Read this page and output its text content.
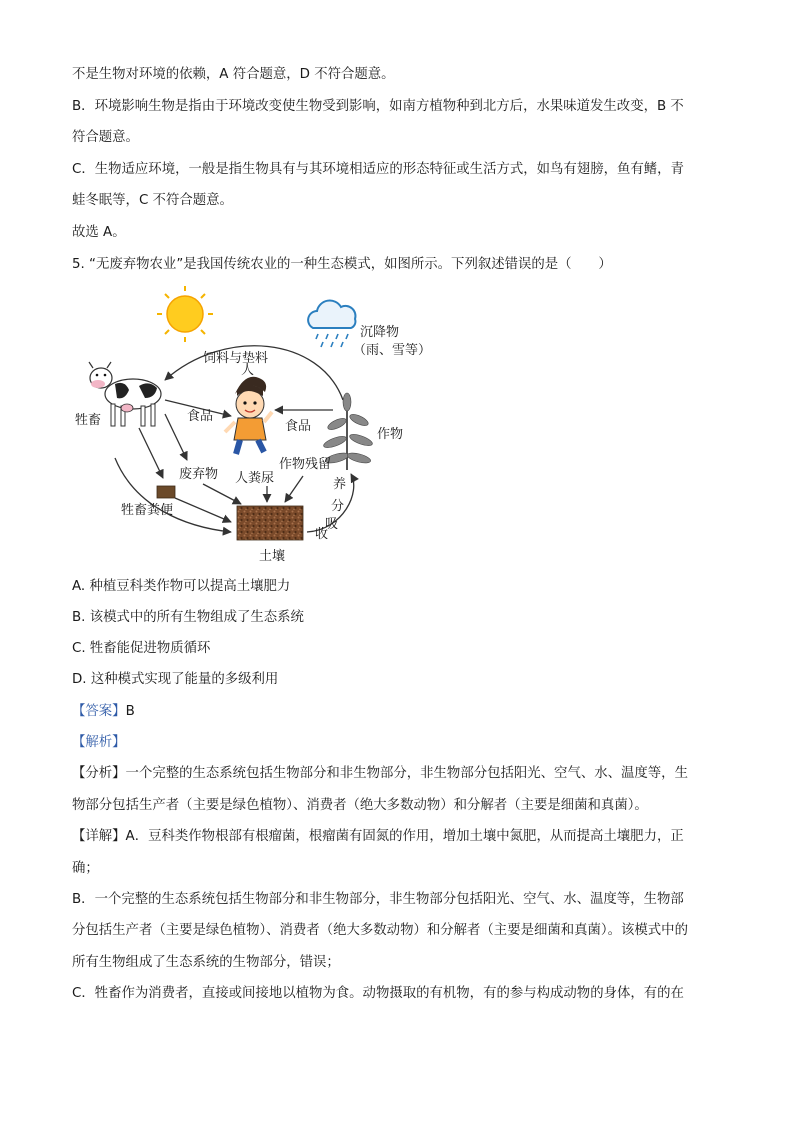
不是生物对环境的依赖，A 符合题意，D 不符合题意。
B．环境影响生物是指由于环境改变使生物受到影响，如南方植物种到北方后，水果味道发生改变，B 不
符合题意。
C．生物适应环境，一般是指生物具有与其环境相适应的形态特征或生活方式，如鸟有翅膀，鱼有鳍，青
蛙冬眠等，C 不符合题意。
故选 A。
5. “无废弃物农业”是我国传统农业的一种生态模式，如图所示。下列叙述错误的是（　　）
沉降物
（雨、雪等）
饲料与垫料
牲畜
人
食品
食品
作物
废弃物
牲畜粪便
人粪尿
作物残留
土壤
养
分
吸
收
A. 种植豆科类作物可以提高土壤肥力
B. 该模式中的所有生物组成了生态系统
C. 牲畜能促进物质循环
D. 这种模式实现了能量的多级利用
【答案】B
【解析】
【分析】一个完整的生态系统包括生物部分和非生物部分，非生物部分包括阳光、空气、水、温度等，生
物部分包括生产者（主要是绿色植物）、消费者（绝大多数动物）和分解者（主要是细菌和真菌）。
【详解】A．豆科类作物根部有根瘤菌，根瘤菌有固氮的作用，增加土壤中氮肥，从而提高土壤肥力，正
确；
B．一个完整的生态系统包括生物部分和非生物部分，非生物部分包括阳光、空气、水、温度等，生物部
分包括生产者（主要是绿色植物）、消费者（绝大多数动物）和分解者（主要是细菌和真菌）。该模式中的
所有生物组成了生态系统的生物部分，错误；
C．牲畜作为消费者，直接或间接地以植物为食。动物摄取的有机物，有的参与构成动物的身体，有的在
